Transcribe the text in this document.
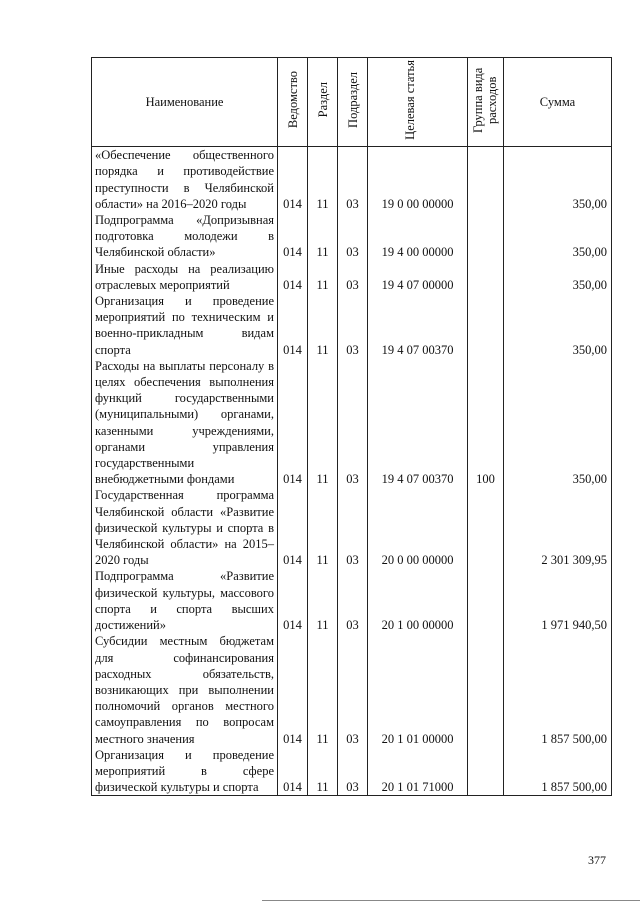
Наименование	Ведомство	Раздел	Подраздел	Целевая статья	Группа вида расходов	Сумма
«Обеспечение общественного порядка и противодействие преступности в Челябинской области» на 2016–2020 годы	014	11	03	19 0 00 00000		350,00
Подпрограмма «Допризывная подготовка молодежи в Челябинской области»	014	11	03	19 4 00 00000		350,00
Иные расходы на реализацию отраслевых мероприятий	014	11	03	19 4 07 00000		350,00
Организация и проведение мероприятий по техническим и военно-прикладным видам спорта	014	11	03	19 4 07 00370		350,00
Расходы на выплаты персоналу в целях обеспечения выполнения функций государственными (муниципальными) органами, казенными учреждениями, органами управления государственными внебюджетными фондами	014	11	03	19 4 07 00370	100	350,00
Государственная программа Челябинской области «Развитие физической культуры и спорта в Челябинской области» на 2015–2020 годы	014	11	03	20 0 00 00000		2 301 309,95
Подпрограмма «Развитие физической культуры, массового спорта и спорта высших достижений»	014	11	03	20 1 00 00000		1 971 940,50
Субсидии местным бюджетам для софинансирования расходных обязательств, возникающих при выполнении полномочий органов местного самоуправления по вопросам местного значения	014	11	03	20 1 01 00000		1 857 500,00
Организация и проведение мероприятий в сфере физической культуры и спорта	014	11	03	20 1 01 71000		1 857 500,00
377
